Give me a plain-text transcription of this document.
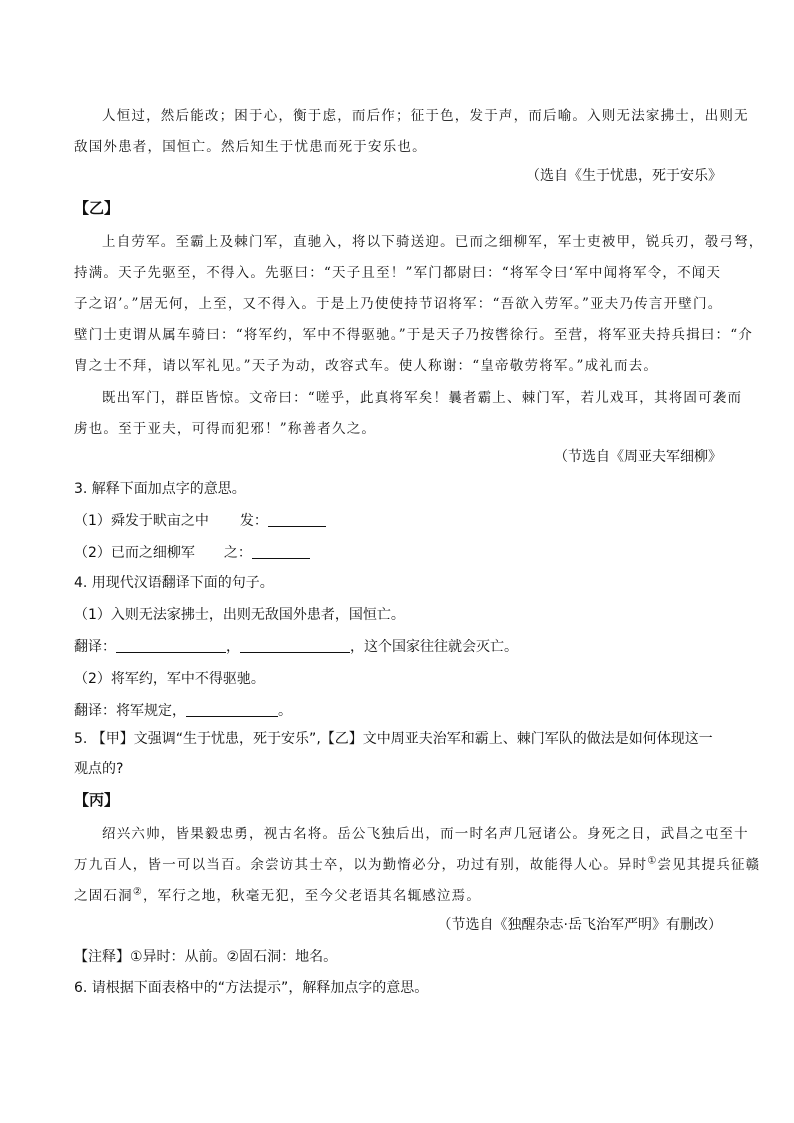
人恒过，然后能改；困于心，衡于虑，而后作；征于色，发于声，而后喻。入则无法家拂士，出则无
敌国外患者，国恒亡。然后知生于忧患而死于安乐也。
（选自《生于忧患，死于安乐》
【乙】
上自劳军。至霸上及棘门军，直驰入，将以下骑送迎。已而之细柳军，军士吏被甲，锐兵刃，彀弓弩，
持满。天子先驱至，不得入。先驱曰：“天子且至！”军门都尉曰：“将军令曰‘军中闻将军令，不闻天
子之诏’。”居无何，上至，又不得入。于是上乃使使持节诏将军：“吾欲入劳军。”亚夫乃传言开壁门。
壁门士吏谓从属车骑曰：“将军约，军中不得驱驰。”于是天子乃按辔徐行。至营，将军亚夫持兵揖曰：“介
胄之士不拜，请以军礼见。”天子为动，改容式车。使人称谢：“皇帝敬劳将军。”成礼而去。
既出军门，群臣皆惊。文帝曰：“嗟乎，此真将军矣！曩者霸上、棘门军，若儿戏耳，其将固可袭而
虏也。至于亚夫，可得而犯邪！”称善者久之。
（节选自《周亚夫军细柳》
3. 解释下面加点字的意思。
（1）舜发于畎亩之中 发：
（2）已而之细柳军 之：
4. 用现代汉语翻译下面的句子。
（1）入则无法家拂士，出则无敌国外患者，国恒亡。
翻译：	，	，这个国家往往就会灭亡。
（2）将军约，军中不得驱驰。
翻译：将军规定，	。
5. 【甲】文强调“生于忧患，死于安乐”,【乙】文中周亚夫治军和霸上、棘门军队的做法是如何体现这一
观点的?
【丙】
绍兴六帅，皆果毅忠勇，视古名将。岳公飞独后出，而一时名声几冠诸公。身死之日，武昌之屯至十
万九百人，皆一可以当百。余尝访其士卒，以为勤惰必分，功过有别，故能得人心。异时①尝见其提兵征赣
之固石洞②，军行之地，秋毫无犯，至今父老语其名辄感泣焉。
（节选自《独醒杂志·岳飞治军严明》有删改）
【注释】①异时：从前。②固石洞：地名。
6. 请根据下面表格中的“方法提示”，解释加点字的意思。
